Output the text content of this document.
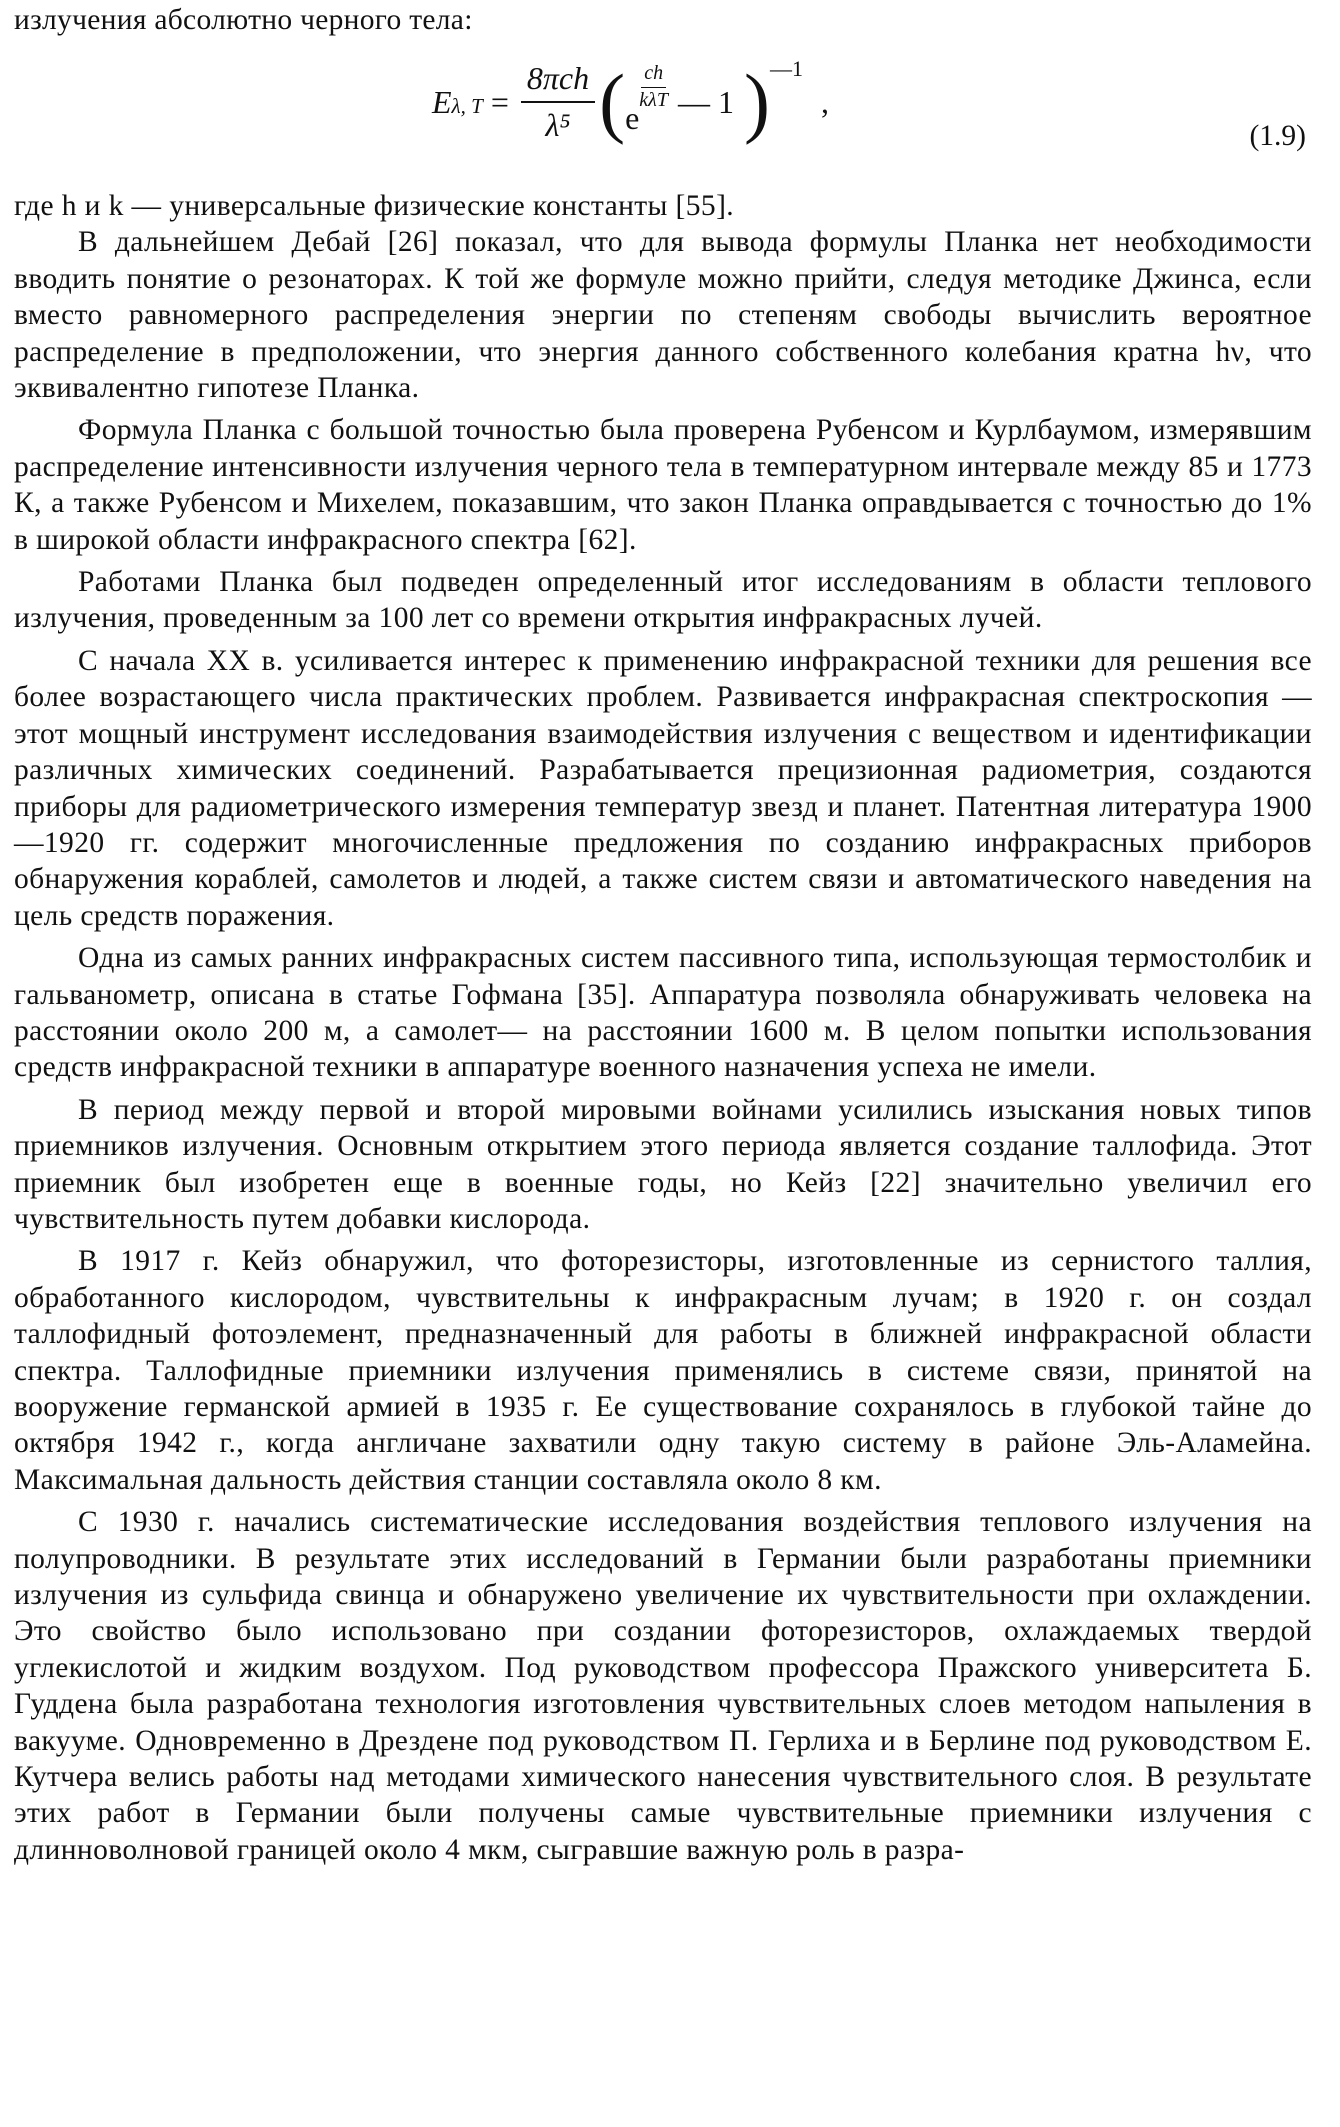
излучения абсолютно черного тела:

E λ, $T = \frac{\text{8πch}}{\text{λ⁵}}$ ( e
$\frac{ch}{\text{kλT}}$ — 1 ) —1
,
(1.9)

где h и k — универсальные физические константы [55].

В дальнейшем Дебай [26] показал, что для вывода формулы Планка нет необходимости вводить понятие о резонаторах. К той же формуле можно прийти, следуя методике Джинса, если вместо равномерного распределения энергии по степеням свободы вычислить вероятное распределение в предположении, что энергия данного собственного колебания кратна hν, что эквивалентно гипотезе Планка.

Формула Планка с большой точностью была проверена Рубенсом и Курлбаумом, измерявшим распределение интенсивности излучения черного тела в температурном интервале между 85 и 1773 К, а также Рубенсом и Михелем, показавшим, что закон Планка оправдывается с точностью до 1% в широкой области инфракрасного спектра [62].

Работами Планка был подведен определенный итог исследованиям в области теплового излучения, проведенным за 100 лет со времени открытия инфракрасных лучей.

С начала XX в. усиливается интерес к применению инфракрасной техники для решения все более возрастающего числа практических проблем. Развивается инфракрасная спектроскопия — этот мощный инструмент исследования взаимодействия излучения с веществом и идентификации различных химических соединений. Разрабатывается прецизионная радиометрия, создаются приборы для радиометрического измерения температур звезд и планет. Патентная литература 1900—1920 гг. содержит многочисленные предложения по созданию инфракрасных приборов обнаружения кораблей, самолетов и людей, а также систем связи и автоматического наведения на цель средств поражения.

Одна из самых ранних инфракрасных систем пассивного типа, использующая термостолбик и гальванометр, описана в статье Гофмана [35]. Аппаратура позволяла обнаруживать человека на расстоянии около 200 м, а самолет— на расстоянии 1600 м. В целом попытки использования средств инфракрасной техники в аппаратуре военного назначения успеха не имели.

В период между первой и второй мировыми войнами усилились изыскания новых типов приемников излучения. Основным открытием этого периода является создание таллофида. Этот приемник был изобретен еще в военные годы, но Кейз [22] значительно увеличил его чувствительность путем добавки кислорода.

В 1917 г. Кейз обнаружил, что фоторезисторы, изготовленные из сернистого таллия, обработанного кислородом, чувствительны к инфракрасным лучам; в 1920 г. он создал таллофидный фотоэлемент, предназначенный для работы в ближней инфракрасной области спектра. Таллофидные приемники излучения применялись в системе связи, принятой на вооружение германской армией в 1935 г. Ее существование сохранялось в глубокой тайне до октября 1942 г., когда англичане захватили одну такую систему в районе Эль-Аламейна. Максимальная дальность действия станции составляла около 8 км.

С 1930 г. начались систематические исследования воздействия теплового излучения на полупроводники. В результате этих исследований в Германии были разработаны приемники излучения из сульфида свинца и обнаружено увеличение их чувствительности при охлаждении. Это свойство было использовано при создании фоторезисторов, охлаждаемых твердой углекислотой и жидким воздухом. Под руководством профессора Пражского университета Б. Гуддена была разработана технология изготовления чувствительных слоев методом напыления в вакууме. Одновременно в Дрездене под руководством П. Герлиха и в Берлине под руководством Е. Кутчера велись работы над методами химического нанесения чувствительного слоя. В результате этих работ в Германии были получены самые чувствительные приемники излучения с длинноволновой границей около 4 мкм, сыгравшие важную роль в разра-
